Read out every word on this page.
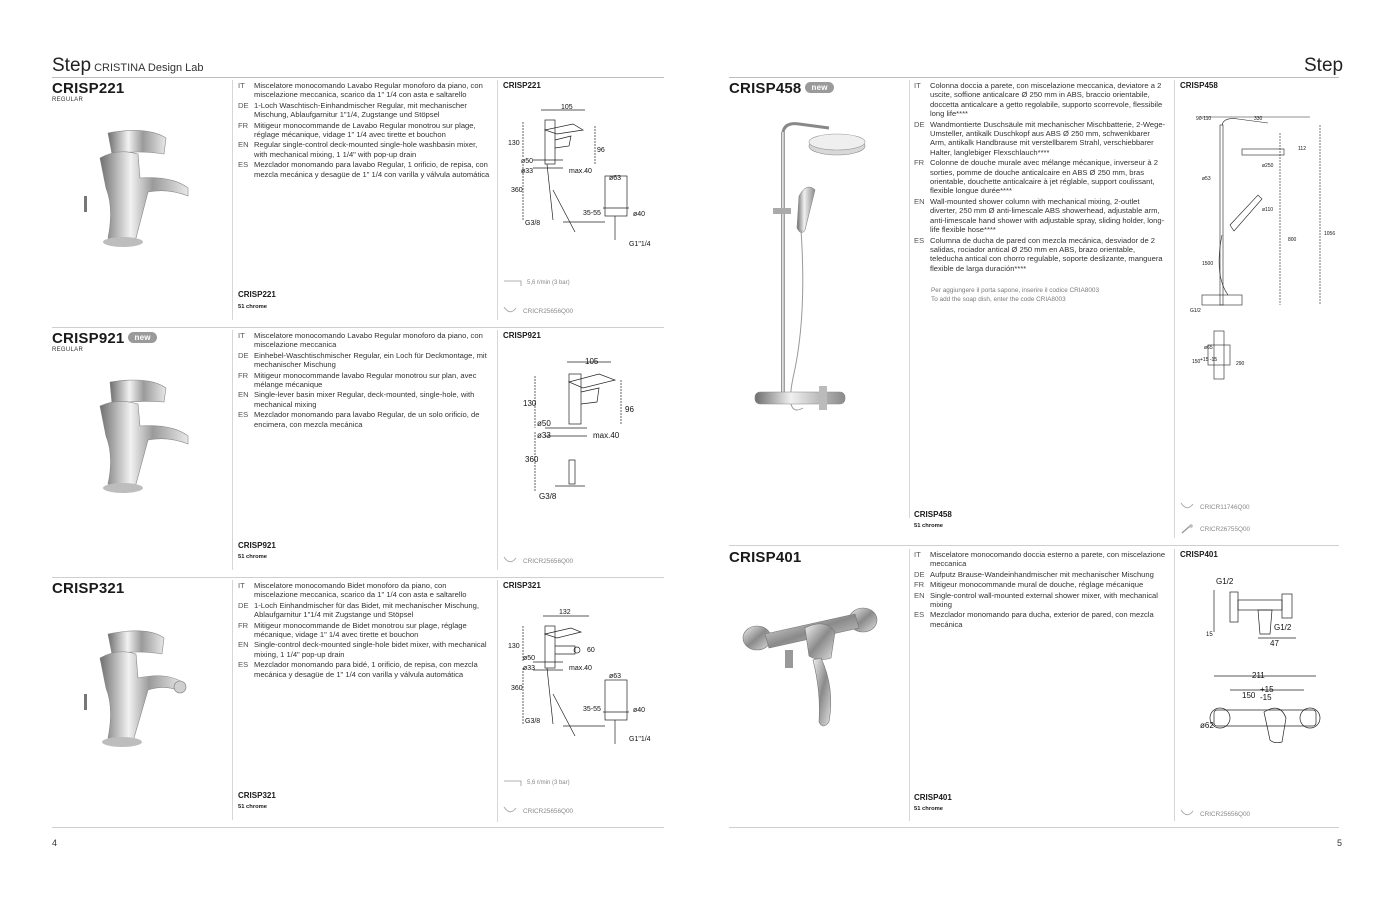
Step CRISTINA Design Lab
CRISP221
REGULAR
IT	Miscelatore monocomando Lavabo Regular monoforo da piano, con miscelazione meccanica, scarico da 1" 1/4 con asta e saltarello
DE 1-Loch Waschtisch-Einhandmischer Regular, mit mechanischer Mischung, Ablaufgarnitur 1"1/4, Zugstange und Stöpsel
FR Mitigeur monocommande de Lavabo Regular monotrou sur plage, réglage mécanique, vidage 1" 1/4 avec tirette et bouchon
EN Regular single-control deck-mounted single-hole washbasin mixer, with mechanical mixing, 1 1/4" with pop-up drain
ES Mezclador monomando para lavabo Regular, 1 orificio, de repisa, con mezcla mecánica y desagüe de 1" 1/4 con varilla y válvula automática
CRISP221
51 chrome
CRISP221
105
130
96
ø50
ø33	max.40
360
ø63
35-55	ø40
G3/8
G1"1/4
5,6 ℓ/min (3 bar)
CRICR25656Q00
CRISP921 new
REGULAR
IT	Miscelatore monocomando Lavabo Regular monoforo da piano, con miscelazione meccanica
DE Einhebel-Waschtischmischer Regular, ein Loch für Deckmontage, mit mechanischer Mischung
FR Mitigeur monocommande lavabo Regular monotrou sur plan, avec mélange mécanique
EN Single-lever basin mixer Regular, deck-mounted, single-hole, with mechanical mixing
ES Mezclador monomando para lavabo Regular, de un solo orificio, de encimera, con mezcla mecánica
CRISP921
51 chrome
CRISP921
105
130
96
ø50
ø33	max.40
360
G3/8
CRICR25656Q00
CRISP321	IT	Miscelatore monocomando Bidet monoforo da piano, con miscelazione meccanica, scarico da 1" 1/4 con asta e saltarello
DE 1-Loch Einhandmischer für das Bidet, mit mechanischer Mischung, Ablaufgarnitur 1"1/4 mit Zugstange und Stöpsel
FR Mitigeur monocommande de Bidet monotrou sur plage, réglage mécanique, vidage 1" 1/4 avec tirette et bouchon
EN Single-control deck-mounted single-hole bidet mixer, with mechanical mixing, 1 1/4" pop-up drain
ES Mezclador monomando para bidé, 1 orificio, de repisa, con mezcla mecánica y desagüe de 1" 1/4 con varilla y válvula automática
CRISP321
51 chrome
CRISP321
132
130
60
ø50
ø33	max.40
360
ø63
35-55	ø40
G3/8
G1"1/4
5,6 ℓ/min (3 bar)
CRICR25656Q00
4
Step
CRISP458 new	IT	Colonna doccia a parete, con miscelazione meccanica, deviatore a 2 uscite, soffione anticalcare Ø 250 mm in ABS, braccio orientabile, doccetta anticalcare a getto regolabile, supporto scorrevole, flessibile long life****
DE Wandmontierte Duschsäule mit mechanischer Mischbatterie, 2-Wege-Umsteller, antikalk Duschkopf aus ABS Ø 250 mm, schwenkbarer Arm, antikalk Handbrause mit verstellbarem Strahl, verschiebbarer Halter, langlebiger Flexschlauch****
FR Colonne de douche murale avec mélange mécanique, inverseur à 2 sorties, pomme de douche anticalcaire en ABS Ø 250 mm, bras orientable, douchette anticalcaire à jet réglable, support coulissant, flexible longue durée****
EN Wall-mounted shower column with mechanical mixing, 2-outlet diverter, 250 mm Ø anti-limescale ABS showerhead, adjustable arm, anti-limescale hand shower with adjustable spray, sliding holder, long-life flexible hose****
ES Columna de ducha de pared con mezcla mecánica, desviador de 2 salidas, rociador antical Ø 250 mm en ABS, brazo orientable, teleducha antical con chorro regulable, soporte deslizante, manguera flexible de larga duración****
Per aggiungere il porta sapone, inserire il codice CRIA8003
To add the soap dish, enter the code CRIA8003
CRISP458
51 chrome
CRISP458
90-110	330
112
ø250
ø53
ø110
800
1056
1500
G1/2
ø65
150 +15 -15
290
CRICR11746Q00
CRICR26755Q00
CRISP401	IT	Miscelatore monocomando doccia esterno a parete, con miscelazione meccanica
DE Aufputz Brause-Wandeinhandmischer mit mechanischer Mischung
FR Mitigeur monocommande mural de douche, réglage mécanique
EN Single-control wall-mounted external shower mixer, with mechanical mixing
ES Mezclador monomando para ducha, exterior de pared, con mezcla mecánica
CRISP401
51 chrome
CRISP401
G1/2
15
G1/2
47
211
+15
150 -15
ø62
CRICR25656Q00
5
